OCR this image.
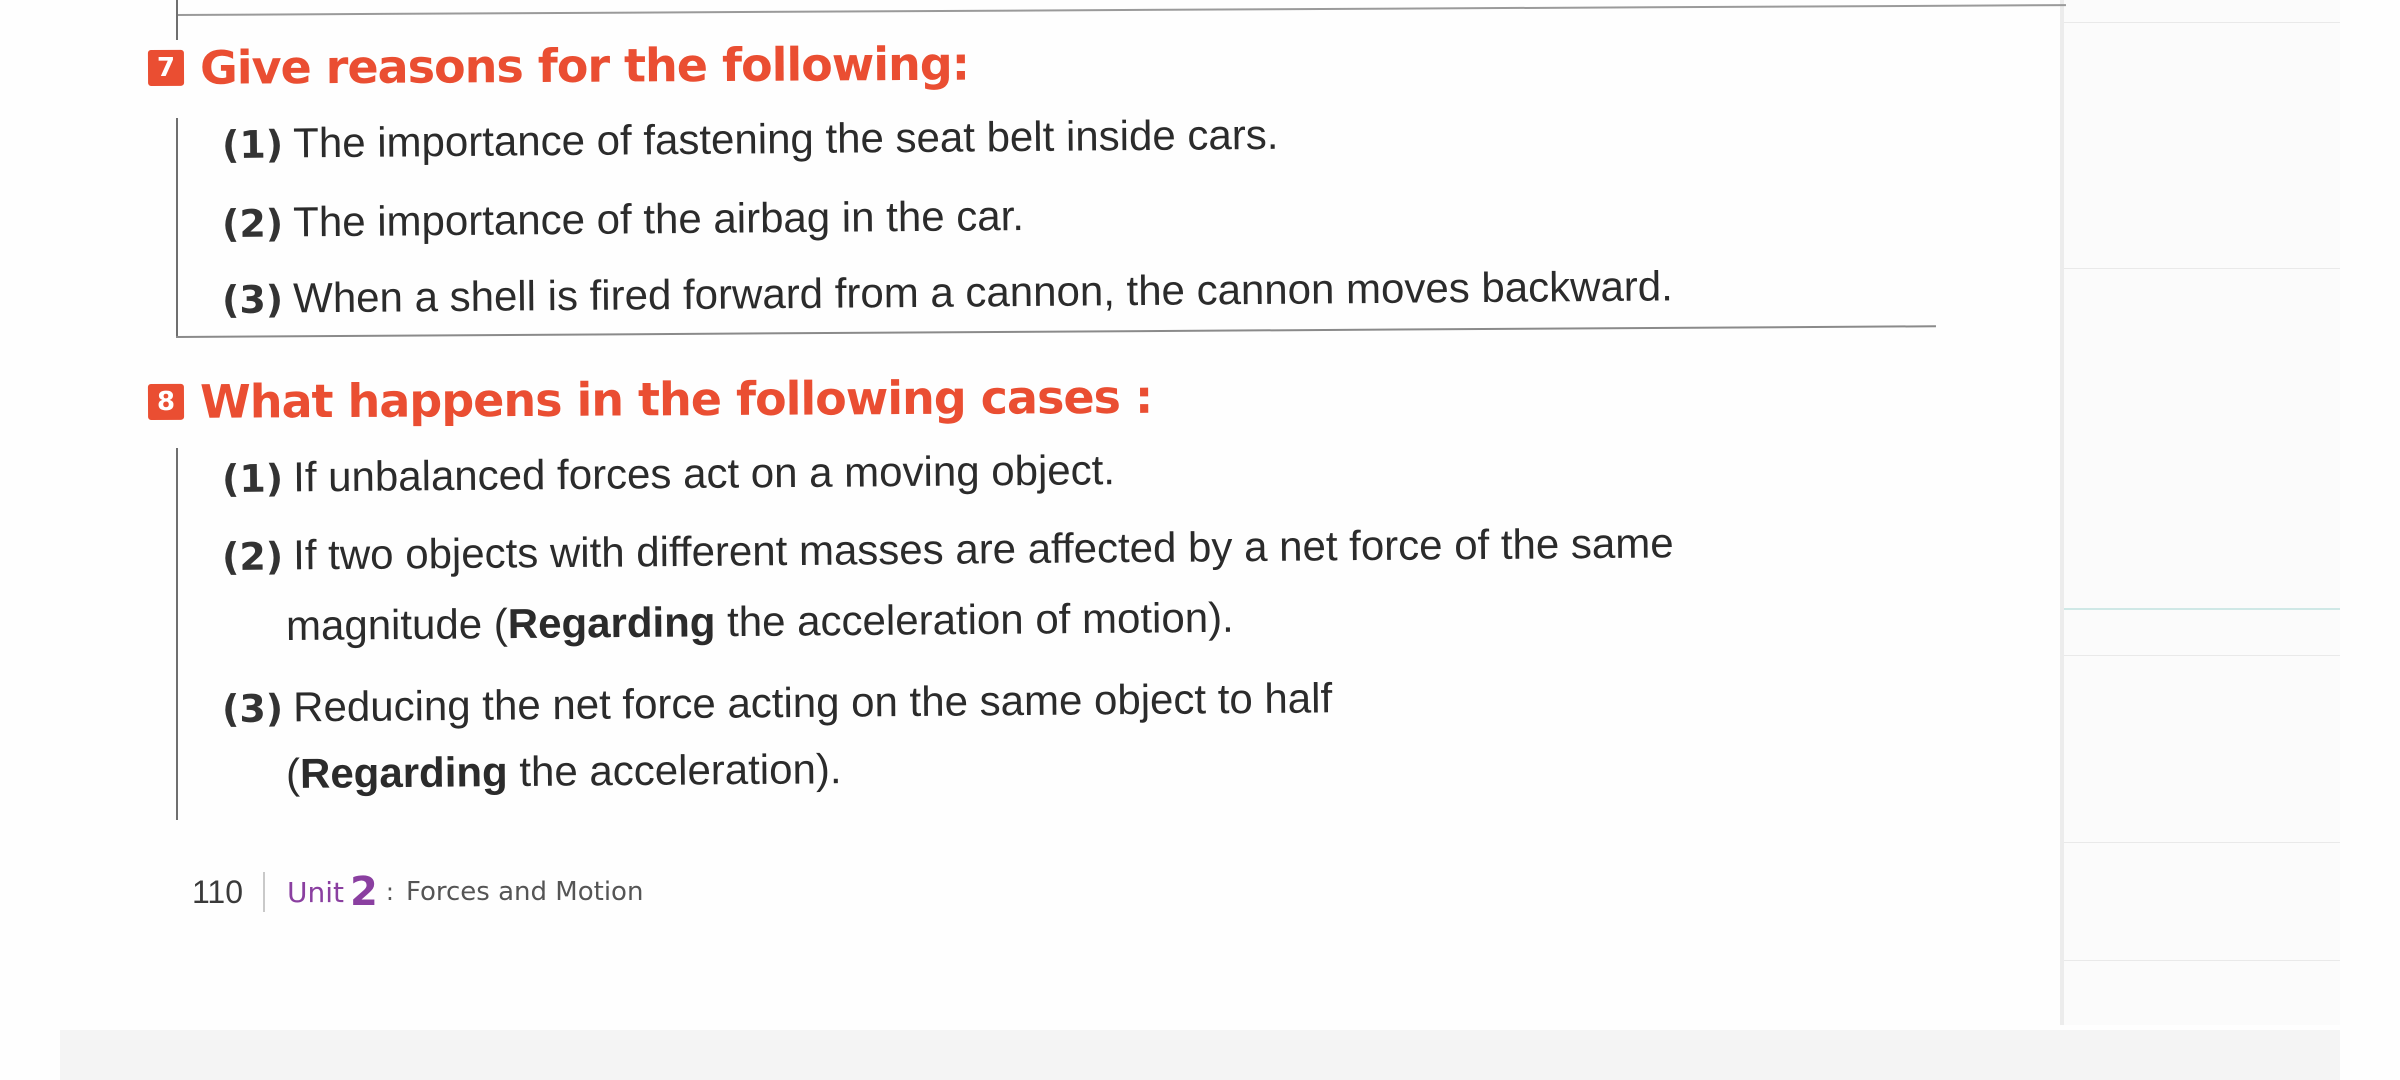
7 Give reasons for the following:
(1) The importance of fastening the seat belt inside cars.
(2) The importance of the airbag in the car.
(3) When a shell is fired forward from a cannon, the cannon moves backward.
8 What happens in the following cases :
(1) If unbalanced forces act on a moving object.
(2) If two objects with different masses are affected by a net force of the same
magnitude (Regarding the acceleration of motion).
(3) Reducing the net force acting on the same object to half
(Regarding the acceleration).
110 Unit 2 : Forces and Motion
